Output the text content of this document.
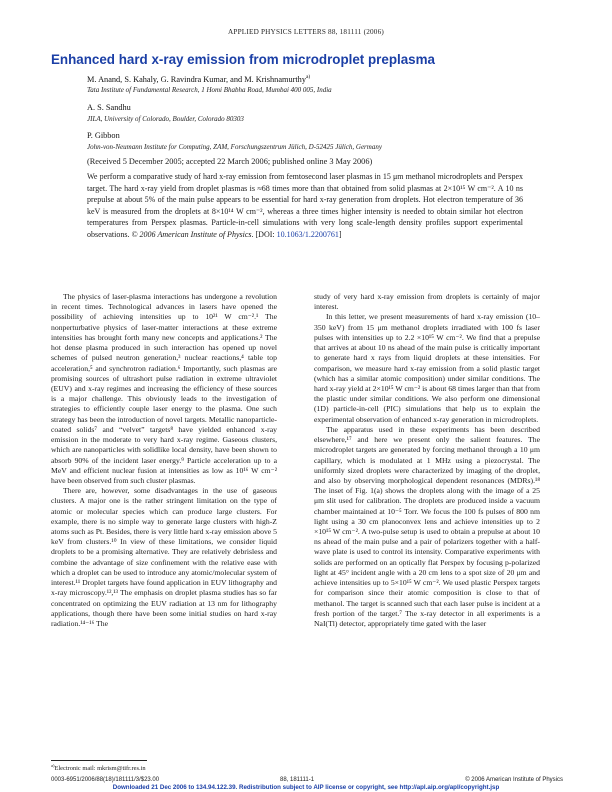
APPLIED PHYSICS LETTERS 88, 181111 (2006)
Enhanced hard x-ray emission from microdroplet preplasma
M. Anand, S. Kahaly, G. Ravindra Kumar, and M. Krishnamurthy$^{a)}$
Tata Institute of Fundamental Research, 1 Homi Bhabha Road, Mumbai 400 005, India
A. S. Sandhu
JILA, University of Colorado, Boulder, Colorado 80303
P. Gibbon
John-von-Neumann Institute for Computing, ZAM, Forschungszentrum Jülich, D-52425 Jülich, Germany
(Received 5 December 2005; accepted 22 March 2006; published online 3 May 2006)
We perform a comparative study of hard x-ray emission from femtosecond laser plasmas in 15 μm methanol microdroplets and Perspex target. The hard x-ray yield from droplet plasmas is ≈68 times more than that obtained from solid plasmas at 2×10¹⁵ W cm⁻². A 10 ns prepulse at about 5% of the main pulse appears to be essential for hard x-ray generation from droplets. Hot electron temperature of 36 keV is measured from the droplets at 8×10¹⁴ W cm⁻², whereas a three times higher intensity is needed to obtain similar hot electron temperatures from Perspex plasmas. Particle-in-cell simulations with very long scale-length density profiles support experimental observations. © 2006 American Institute of Physics. [DOI: 10.1063/1.2200761]

The physics of laser-plasma interactions has undergone a revolution in recent times. Technological advances in lasers have opened the possibility of achieving intensities up to 10²¹ W cm⁻².¹ The nonperturbative physics of laser-matter interactions at these extreme intensities has brought forth many new concepts and applications.² The hot dense plasma produced in such interaction has opened up novel schemes of pulsed neutron generation,³ nuclear reactions,⁴ table top acceleration,⁵ and synchrotron radiation.⁶ Importantly, such plasmas are promising sources of ultrashort pulse radiation in extreme ultraviolet (EUV) and x-ray regimes and increasing the efficiency of these sources is a major challenge. This obviously leads to the investigation of strategies to efficiently couple laser energy to the plasma. One such strategy has been the introduction of novel targets. Metallic nanoparticle-coated solids⁷ and “velvet” targets⁸ have yielded enhanced x-ray emission in the moderate to very hard x-ray regime. Gaseous clusters, which are nanoparticles with solidlike local density, have been shown to absorb 90% of the incident laser energy.⁹ Particle acceleration up to a MeV and efficient nuclear fusion at intensities as low as 10¹⁶ W cm⁻² have been observed from such cluster plasmas.

There are, however, some disadvantages in the use of gaseous clusters. A major one is the rather stringent limitation on the type of atomic or molecular species which can produce large clusters. For example, there is no simple way to generate large clusters with high-Z atoms such as Pt. Besides, there is very little hard x-ray emission above 5 keV from clusters.¹⁰ In view of these limitations, we consider liquid droplets to be a promising alternative. They are relatively debrisless and combine the advantage of size confinement with the relative ease with which a droplet can be used to introduce any atomic/molecular system of interest.¹¹ Droplet targets have found application in EUV lithography and x-ray microscopy.¹²,¹³ The emphasis on droplet plasma studies has so far concentrated on optimizing the EUV radiation at 13 nm for lithography applications, though there have been some initial studies on hard x-ray radiation.¹⁴⁻¹⁶ The

study of very hard x-ray emission from droplets is certainly of major interest.

In this letter, we present measurements of hard x-ray emission (10–350 keV) from 15 μm methanol droplets irradiated with 100 fs laser pulses with intensities up to 2.2 ×10¹⁵ W cm⁻². We find that a prepulse that arrives at about 10 ns ahead of the main pulse is critically important to generate hard x rays from liquid droplets at these intensities. For comparison, we measure hard x-ray emission from a solid plastic target (which has a similar atomic composition) under similar conditions. The hard x-ray yield at 2×10¹⁵ W cm⁻² is about 68 times larger than that from the plastic under similar conditions. We also perform one dimensional (1D) particle-in-cell (PIC) simulations that help us to explain the experimental observation of enhanced x-ray generation in microdroplets.

The apparatus used in these experiments has been described elsewhere,¹⁷ and here we present only the salient features. The microdroplet targets are generated by forcing methanol through a 10 μm capillary, which is modulated at 1 MHz using a piezocrystal. The uniformly sized droplets were characterized by imaging of the droplet, and also by observing morphological dependent resonances (MDRs).¹⁸ The inset of Fig. 1(a) shows the droplets along with the image of a 25 μm slit used for calibration. The droplets are produced inside a vacuum chamber maintained at 10⁻⁵ Torr. We focus the 100 fs pulses of 800 nm light using a 30 cm planoconvex lens and achieve intensities up to 2 ×10¹⁵ W cm⁻². A two-pulse setup is used to obtain a prepulse at about 10 ns ahead of the main pulse and a pair of polarizers together with a half-wave plate is used to control its intensity. Comparative experiments with solids are performed on an optically flat Perspex by focusing p-polarized light at 45° incident angle with a 20 cm lens to a spot size of 20 μm and achieve intensities up to 5×10¹⁵ W cm⁻². We used plastic Perspex targets for comparison since their atomic composition is close to that of methanol. The target is scanned such that each laser pulse is incident at a fresh portion of the target.⁷ The x-ray detector in all experiments is a NaI(Tl) detector, appropriately time gated with the laser

$^{a)}$Electronic mail: mkrism@tifr.res.in
0003-6951/2006/88(18)/181111/3/$23.00	88, 181111-1	© 2006 American Institute of Physics
Downloaded 21 Dec 2006 to 134.94.122.39. Redistribution subject to AIP license or copyright, see http://apl.aip.org/apl/copyright.jsp
